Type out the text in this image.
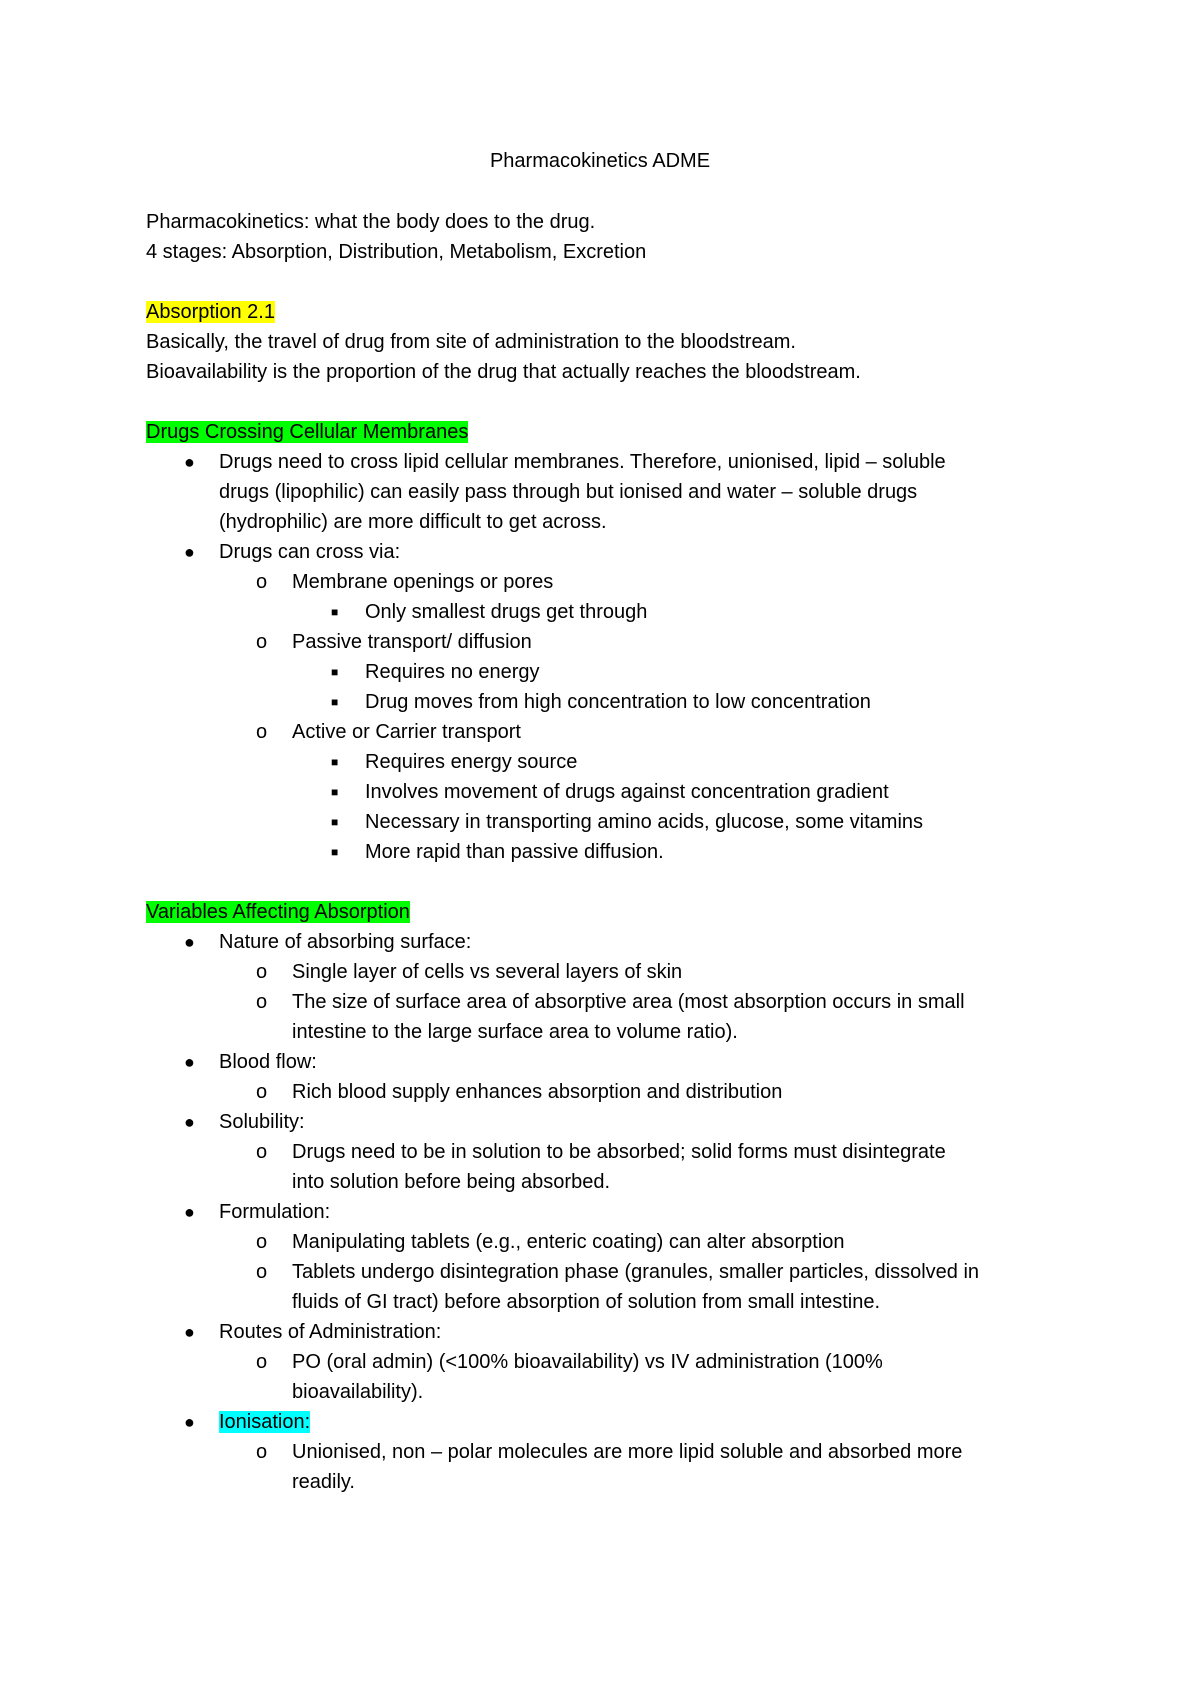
Pharmacokinetics ADME
Pharmacokinetics: what the body does to the drug.
4 stages: Absorption, Distribution, Metabolism, Excretion
Absorption 2.1
Basically, the travel of drug from site of administration to the bloodstream.
Bioavailability is the proportion of the drug that actually reaches the bloodstream.
Drugs Crossing Cellular Membranes
● Drugs need to cross lipid cellular membranes. Therefore, unionised, lipid – soluble
drugs (lipophilic) can easily pass through but ionised and water – soluble drugs
(hydrophilic) are more difficult to get across.
● Drugs can cross via:
o Membrane openings or pores
■ Only smallest drugs get through
o Passive transport/ diffusion
■ Requires no energy
■ Drug moves from high concentration to low concentration
o Active or Carrier transport
■ Requires energy source
■ Involves movement of drugs against concentration gradient
■ Necessary in transporting amino acids, glucose, some vitamins
■ More rapid than passive diffusion.
Variables Affecting Absorption
● Nature of absorbing surface:
o Single layer of cells vs several layers of skin
o The size of surface area of absorptive area (most absorption occurs in small
intestine to the large surface area to volume ratio).
● Blood flow:
o Rich blood supply enhances absorption and distribution
● Solubility:
o Drugs need to be in solution to be absorbed; solid forms must disintegrate
into solution before being absorbed.
● Formulation:
o Manipulating tablets (e.g., enteric coating) can alter absorption
o Tablets undergo disintegration phase (granules, smaller particles, dissolved in
fluids of GI tract) before absorption of solution from small intestine.
● Routes of Administration:
o PO (oral admin) (<100% bioavailability) vs IV administration (100%
bioavailability).
● Ionisation:
o Unionised, non – polar molecules are more lipid soluble and absorbed more
readily.
